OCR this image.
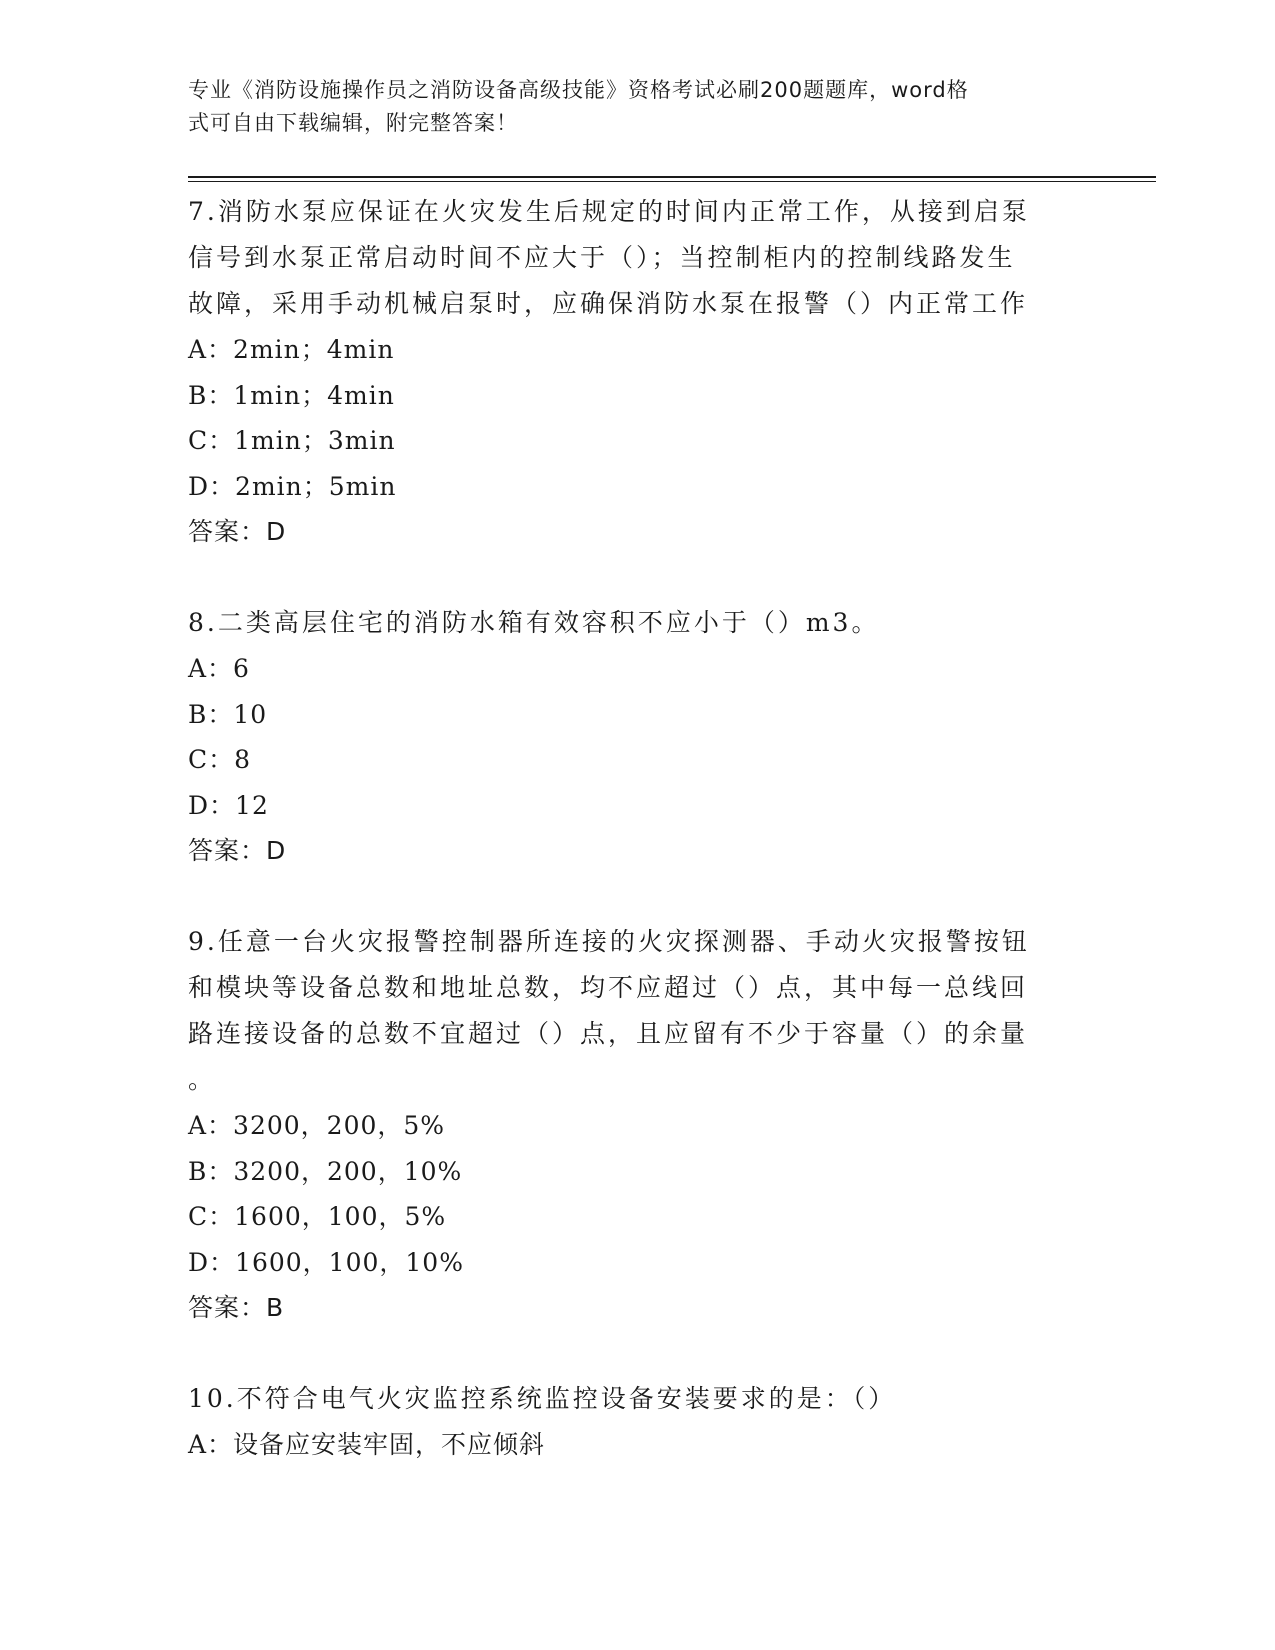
专业《消防设施操作员之消防设备高级技能》资格考试必刷200题题库，word格
式可自由下载编辑，附完整答案！
7.消防水泵应保证在火灾发生后规定的时间内正常工作，从接到启泵
信号到水泵正常启动时间不应大于（）；当控制柜内的控制线路发生
故障，采用手动机械启泵时，应确保消防水泵在报警（）内正常工作
A：2min；4min
B：1min；4min
C：1min；3min
D：2min；5min
答案：D
8.二类高层住宅的消防水箱有效容积不应小于（）m3。
A：6
B：10
C：8
D：12
答案：D
9.任意一台火灾报警控制器所连接的火灾探测器、手动火灾报警按钮
和模块等设备总数和地址总数，均不应超过（）点，其中每一总线回
路连接设备的总数不宜超过（）点，且应留有不少于容量（）的余量
。
A：3200，200，5%
B：3200，200，10%
C：1600，100，5%
D：1600，100，10%
答案：B
10.不符合电气火灾监控系统监控设备安装要求的是：（）
A：设备应安装牢固，不应倾斜
